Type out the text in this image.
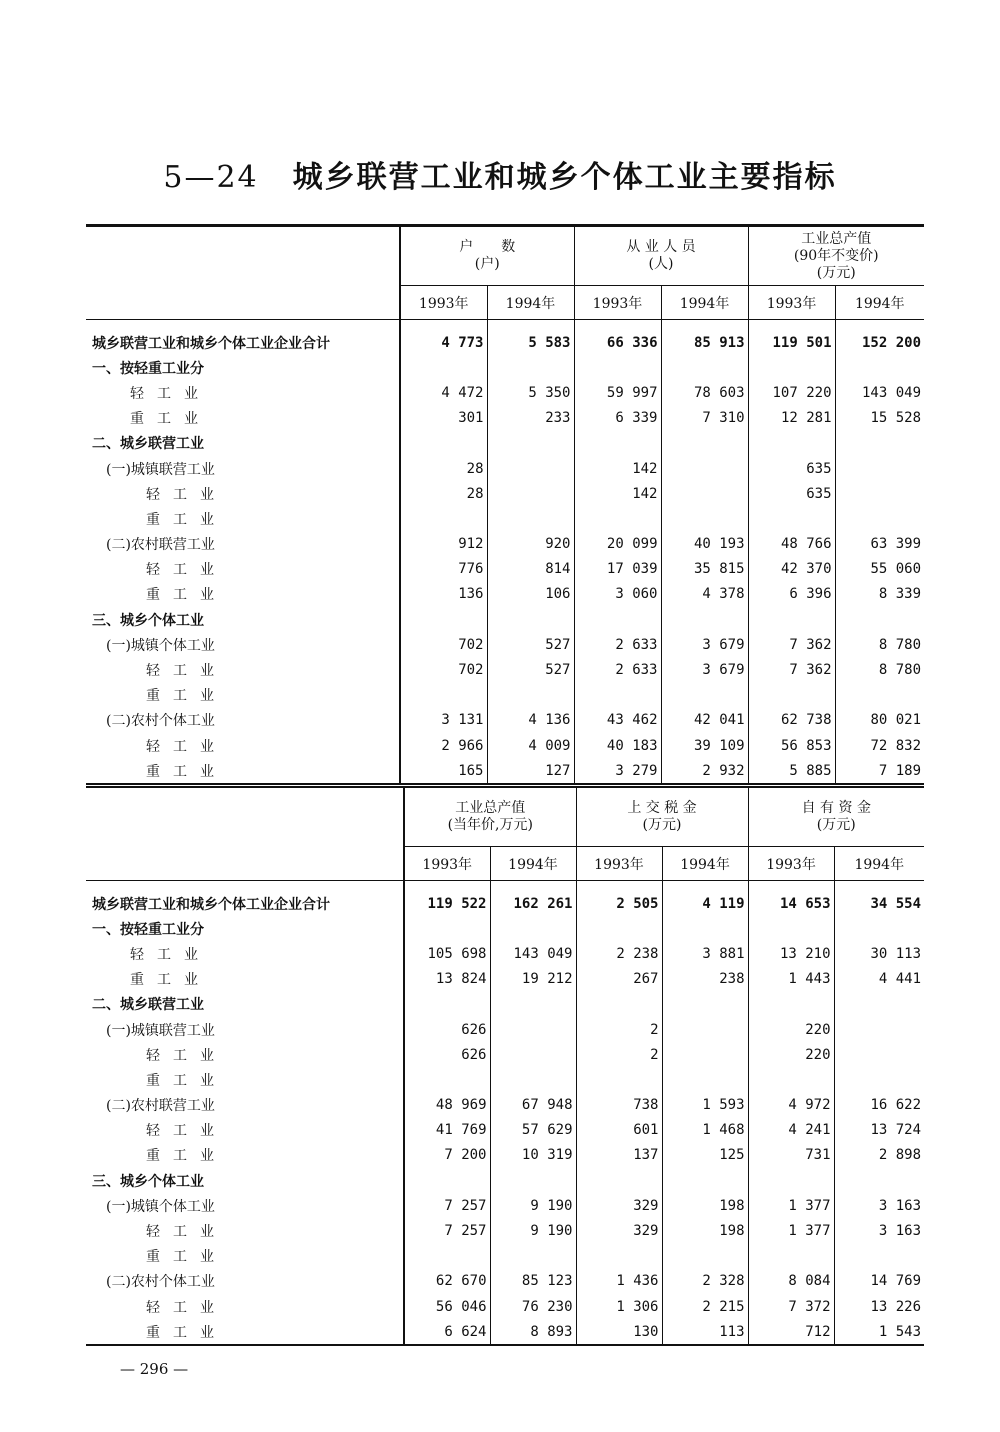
5—24 城乡联营工业和城乡个体工业主要指标
	户　　数
(户)		从 业 人 员
(人)		工业总产值
(90年不变价)
(万元)	
	1993年	1994年	1993年	1994年	1993年	1994年

城乡联营工业和城乡个体工业企业合计	4 773	5 583	66 336	85 913	119 501	152 200
一、按轻重工业分						
轻工业	4 472	5 350	59 997	78 603	107 220	143 049
重工业	301	233	6 339	7 310	12 281	15 528
二、城乡联营工业						
(一)城镇联营工业	28		142		635	
轻工业	28		142		635	
重工业						
(二)农村联营工业	912	920	20 099	40 193	48 766	63 399
轻工业	776	814	17 039	35 815	42 370	55 060
重工业	136	106	3 060	4 378	6 396	8 339
三、城乡个体工业						
(一)城镇个体工业	702	527	2 633	3 679	7 362	8 780
轻工业	702	527	2 633	3 679	7 362	8 780
重工业						
(二)农村个体工业	3 131	4 136	43 462	42 041	62 738	80 021
轻工业	2 966	4 009	40 183	39 109	56 853	72 832
重工业	165	127	3 279	2 932	5 885	7 189
	工业总产值
(当年价,万元)		上 交 税 金
(万元)		自 有 资 金
(万元)	
	1993年	1994年	1993年	1994年	1993年	1994年

城乡联营工业和城乡个体工业企业合计	119 522	162 261	2 505	4 119	14 653	34 554
一、按轻重工业分						
轻工业	105 698	143 049	2 238	3 881	13 210	30 113
重工业	13 824	19 212	267	238	1 443	4 441
二、城乡联营工业						
(一)城镇联营工业	626		2		220	
轻工业	626		2		220	
重工业						
(二)农村联营工业	48 969	67 948	738	1 593	4 972	16 622
轻工业	41 769	57 629	601	1 468	4 241	13 724
重工业	7 200	10 319	137	125	731	2 898
三、城乡个体工业						
(一)城镇个体工业	7 257	9 190	329	198	1 377	3 163
轻工业	7 257	9 190	329	198	1 377	3 163
重工业						
(二)农村个体工业	62 670	85 123	1 436	2 328	8 084	14 769
轻工业	56 046	76 230	1 306	2 215	7 372	13 226
重工业	6 624	8 893	130	113	712	1 543
— 296 —
